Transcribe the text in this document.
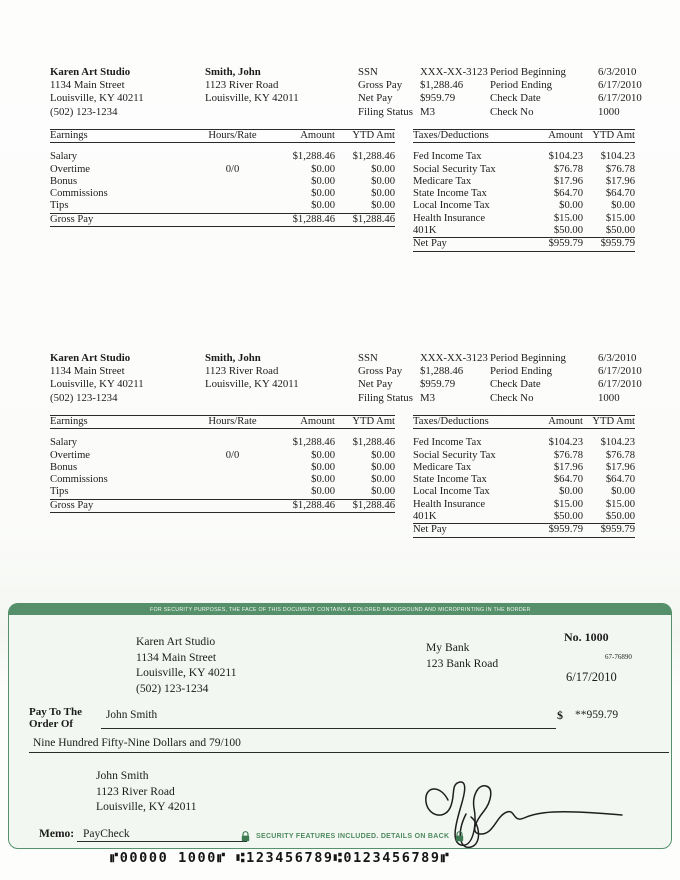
Karen Art Studio
1134 Main Street
Louisville, KY 40211
(502) 123-1234
Smith, John
1123 River Road
Louisville, KY 42011
SSN	XXX-XX-3123
Gross Pay $1,288.46
Net Pay	$959.79
Filing Status M3
Period Beginning	6/3/2010
Period Ending	6/17/2010
Check Date	6/17/2010
Check No	1000
Earnings	Hours/Rate	Amount	YTD Amt

Salary		$1,288.46	$1,288.46
Overtime	0/0	$0.00	$0.00
Bonus		$0.00	$0.00
Commissions		$0.00	$0.00
Tips		$0.00	$0.00
Gross Pay		$1,288.46	$1,288.46
Taxes/Deductions	Amount	YTD Amt

Fed Income Tax	$104.23	$104.23
Social Security Tax	$76.78	$76.78
Medicare Tax	$17.96	$17.96
State Income Tax	$64.70	$64.70
Local Income Tax	$0.00	$0.00
Health Insurance	$15.00	$15.00
401K	$50.00	$50.00
Net Pay	$959.79	$959.79
Karen Art Studio
1134 Main Street
Louisville, KY 40211
(502) 123-1234
Smith, John
1123 River Road
Louisville, KY 42011
SSN	XXX-XX-3123
Gross Pay $1,288.46
Net Pay	$959.79
Filing Status M3
Period Beginning	6/3/2010
Period Ending	6/17/2010
Check Date	6/17/2010
Check No	1000
Earnings	Hours/Rate	Amount	YTD Amt

Salary		$1,288.46	$1,288.46
Overtime	0/0	$0.00	$0.00
Bonus		$0.00	$0.00
Commissions		$0.00	$0.00
Tips		$0.00	$0.00
Gross Pay		$1,288.46	$1,288.46
Taxes/Deductions	Amount	YTD Amt

Fed Income Tax	$104.23	$104.23
Social Security Tax	$76.78	$76.78
Medicare Tax	$17.96	$17.96
State Income Tax	$64.70	$64.70
Local Income Tax	$0.00	$0.00
Health Insurance	$15.00	$15.00
401K	$50.00	$50.00
Net Pay	$959.79	$959.79
FOR SECURITY PURPOSES, THE FACE OF THIS DOCUMENT CONTAINS A COLORED BACKGROUND AND MICROPRINTING IN THE BORDER
Karen Art Studio
1134 Main Street
Louisville, KY 40211
(502) 123-1234
My Bank
123 Bank Road
No. 1000
67-76890
6/17/2010
Pay To The
Order Of
John Smith	$ **959.79
Nine Hundred Fifty-Nine Dollars and 79/100
John Smith
1123 River Road
Louisville, KY 42011
Memo: PayCheck	SECURITY FEATURES INCLUDED. DETAILS ON BACK
⑈00000 1000⑈ ⑆123456789⑆0123456789⑈
